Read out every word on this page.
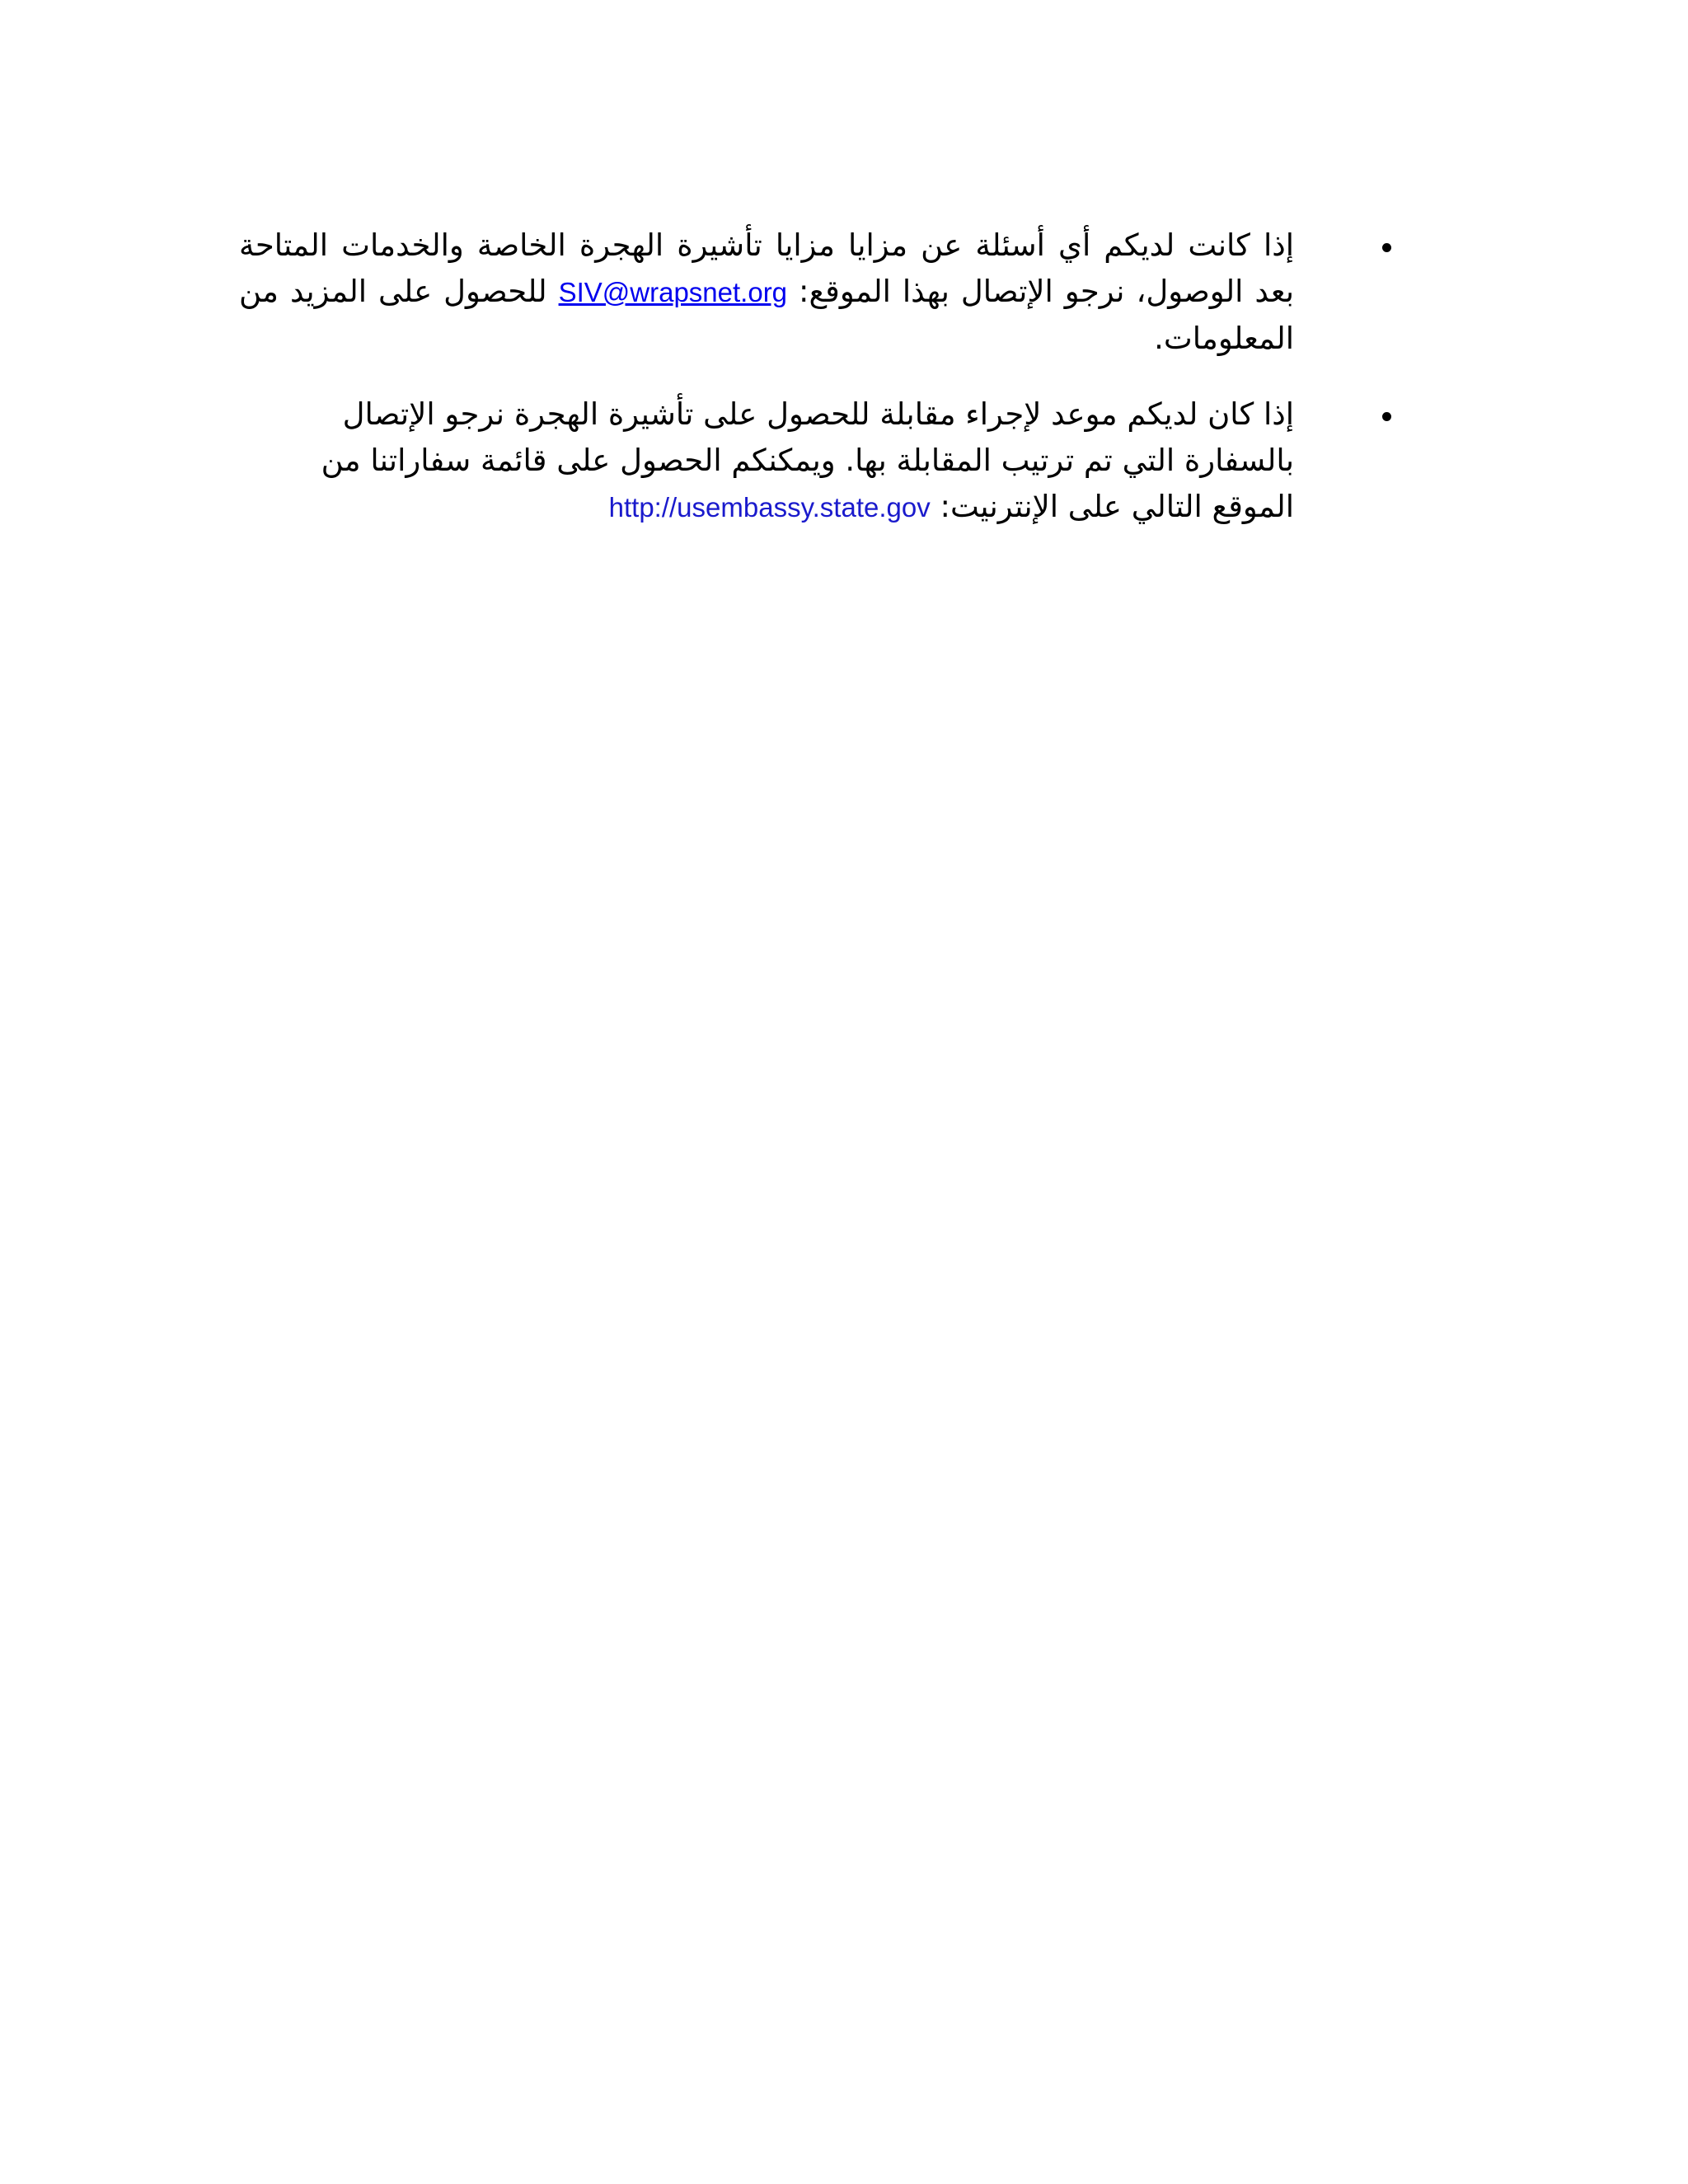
إذا كانت لديكم أي أسئلة عن مزايا مزايا تأشيرة الهجرة الخاصة والخدمات المتاحة بعد الوصول، نرجو الإتصال بهذا الموقع: SIV@wrapsnet.org للحصول على المزيد من المعلومات.
إذا كان لديكم موعد لإجراء مقابلة للحصول على تأشيرة الهجرة نرجو الإتصال بالسفارة التي تم ترتيب المقابلة بها. ويمكنكم الحصول على قائمة سفاراتنا من الموقع التالي على الإنترنيت: http://usembassy.state.gov
